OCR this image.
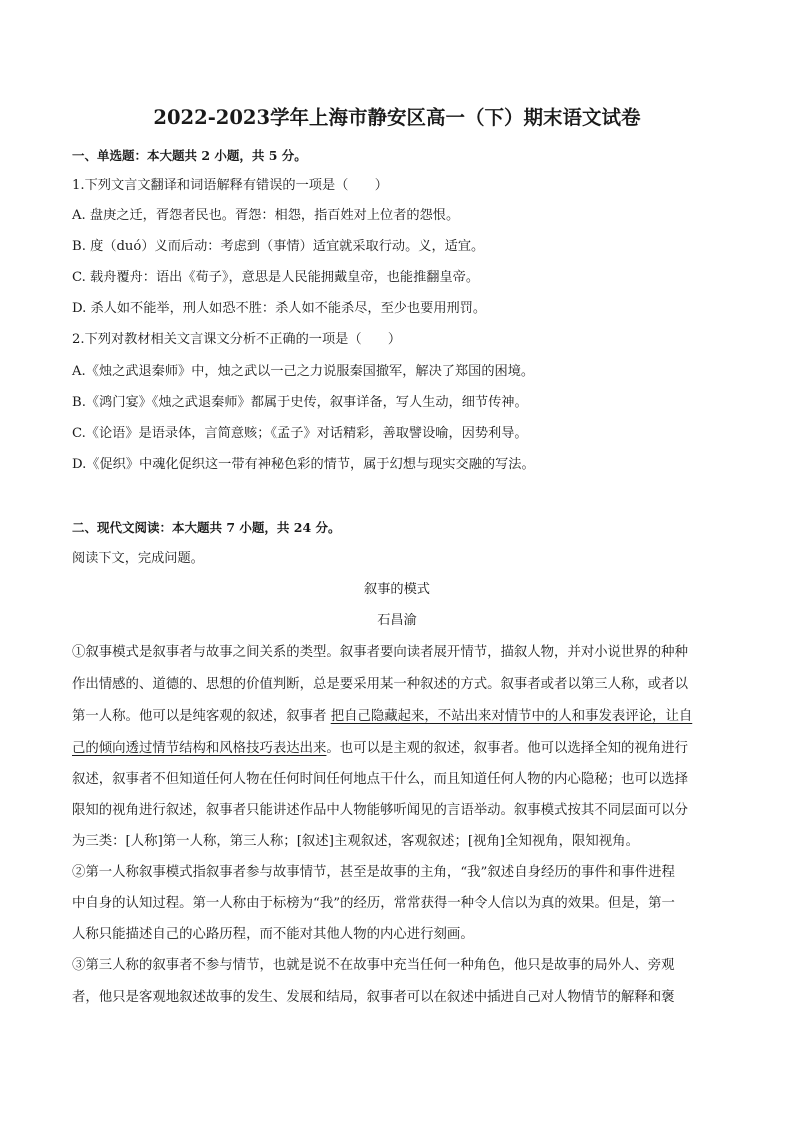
2022-2023学年上海市静安区高一（下）期末语文试卷
一、单选题：本大题共 2 小题，共 5 分。
1.下列文言文翻译和词语解释有错误的一项是（　　）
A. 盘庚之迁，胥怨者民也。胥怨：相怨，指百姓对上位者的怨恨。
B. 度（duó）义而后动：考虑到（事情）适宜就采取行动。义，适宜。
C. 载舟覆舟：语出《荀子》，意思是人民能拥戴皇帝，也能推翻皇帝。
D. 杀人如不能举，刑人如恐不胜：杀人如不能杀尽，至少也要用刑罚。
2.下列对教材相关文言课文分析不正确的一项是（　　）
A.《烛之武退秦师》中，烛之武以一己之力说服秦国撤军，解决了郑国的困境。
B.《鸿门宴》《烛之武退秦师》都属于史传，叙事详备，写人生动，细节传神。
C.《论语》是语录体，言简意赅；《孟子》对话精彩，善取譬设喻，因势利导。
D.《促织》中魂化促织这一带有神秘色彩的情节，属于幻想与现实交融的写法。
二、现代文阅读：本大题共 7 小题，共 24 分。
阅读下文，完成问题。
叙事的模式
石昌渝
①叙事模式是叙事者与故事之间关系的类型。叙事者要向读者展开情节，描叙人物，并对小说世界的种种
作出情感的、道德的、思想的价值判断，总是要采用某一种叙述的方式。叙事者或者以第三人称，或者以
第一人称。他可以是纯客观的叙述，叙事者 把自己隐藏起来，不站出来对情节中的人和事发表评论，让自
己的倾向透过情节结构和风格技巧表达出来。也可以是主观的叙述，叙事者。他可以选择全知的视角进行
叙述，叙事者不但知道任何人物在任何时间任何地点干什么，而且知道任何人物的内心隐秘；也可以选择
限知的视角进行叙述，叙事者只能讲述作品中人物能够听闻见的言语举动。叙事模式按其不同层面可以分
为三类：[人称]第一人称，第三人称；[叙述]主观叙述，客观叙述；[视角]全知视角，限知视角。
②第一人称叙事模式指叙事者参与故事情节，甚至是故事的主角，“我”叙述自身经历的事件和事件进程
中自身的认知过程。第一人称由于标榜为“我”的经历，常常获得一种令人信以为真的效果。但是，第一
人称只能描述自己的心路历程，而不能对其他人物的内心进行刻画。
③第三人称的叙事者不参与情节，也就是说不在故事中充当任何一种角色，他只是故事的局外人、旁观
者，他只是客观地叙述故事的发生、发展和结局，叙事者可以在叙述中插进自己对人物情节的解释和褒
